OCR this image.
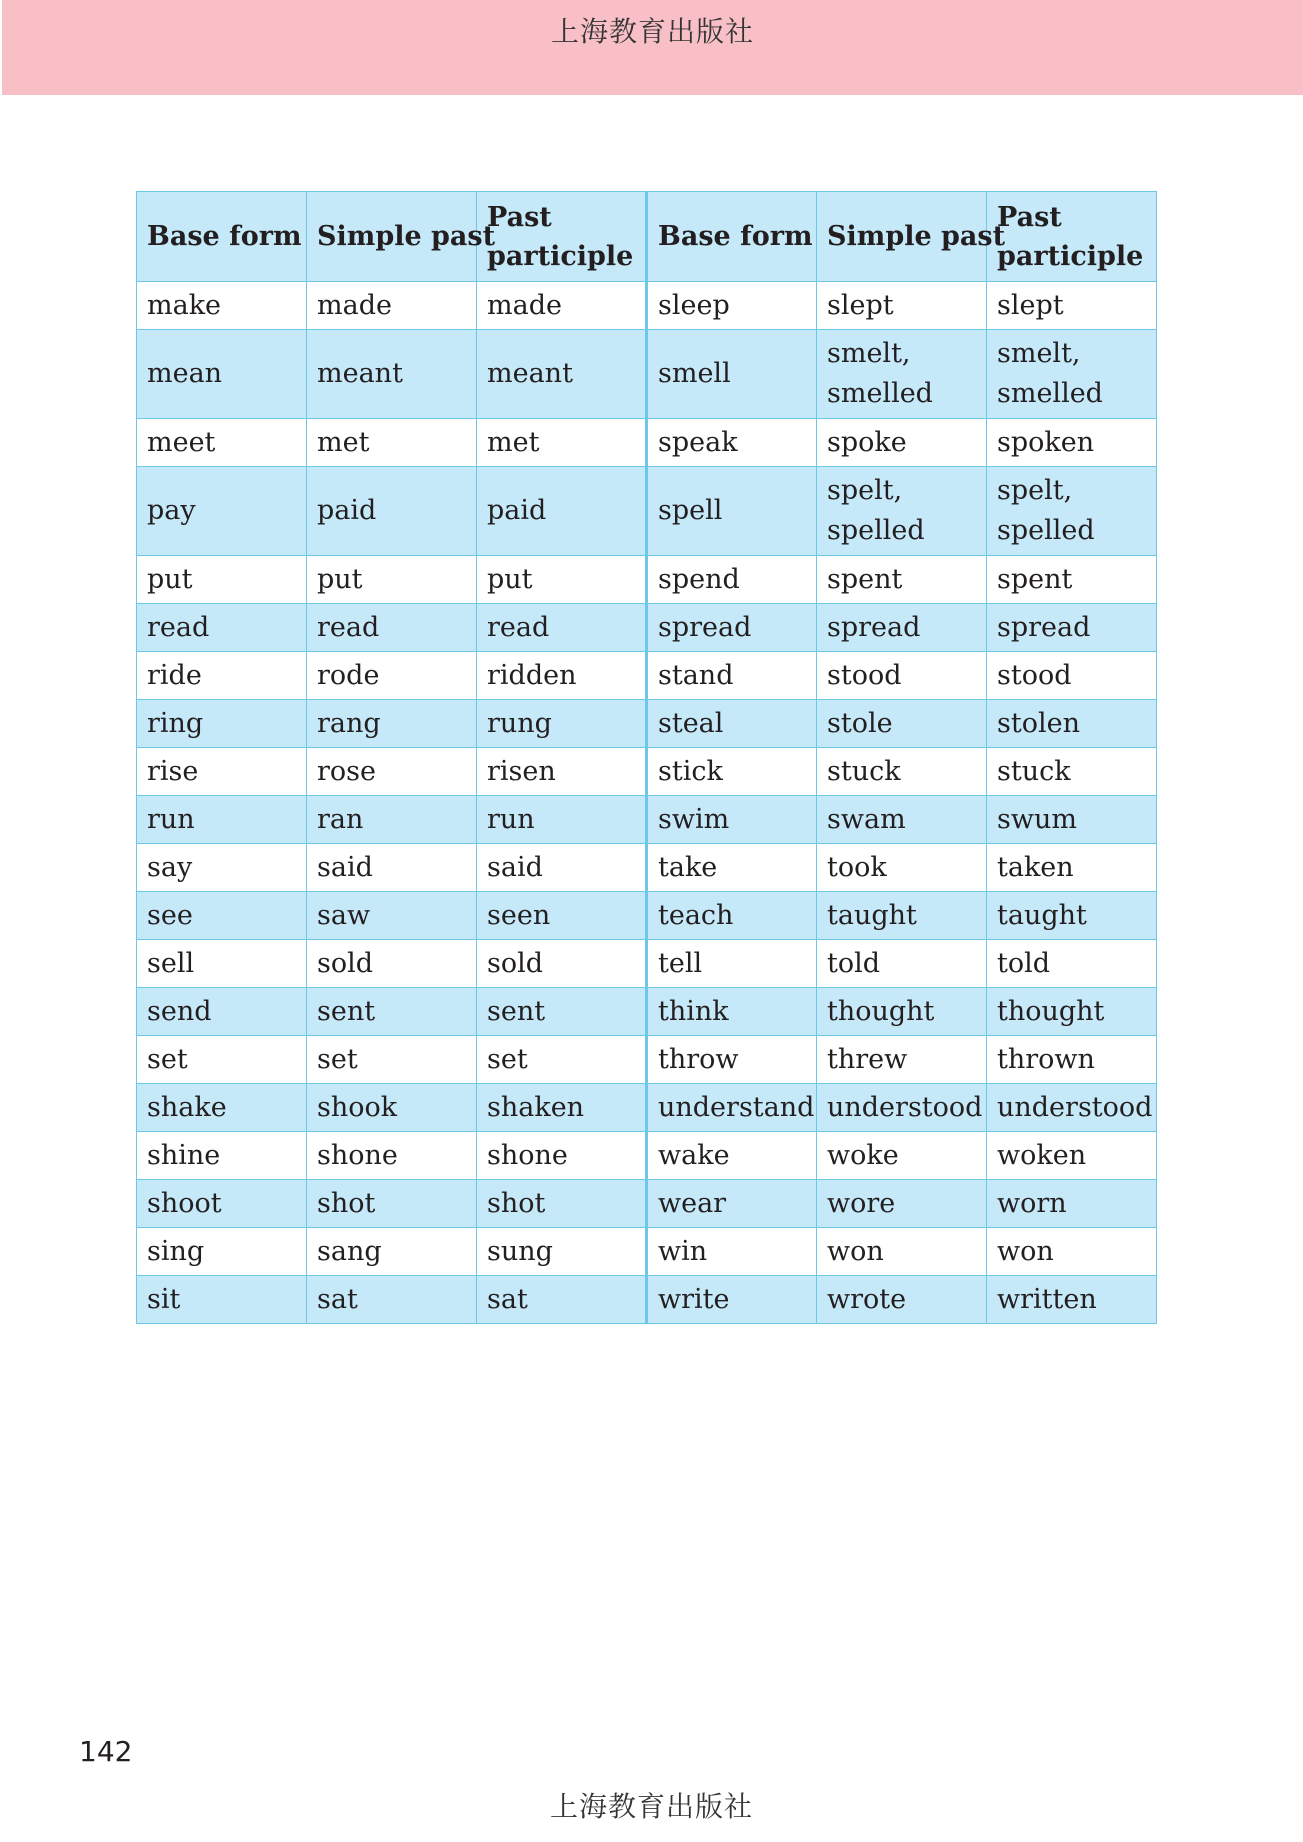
上海教育出版社
Base form	Simple past	Past participle	Base form	Simple past	Past participle
make	made	made	sleep	slept	slept
mean	meant	meant	smell	smelt, smelled	smelt, smelled
meet	met	met	speak	spoke	spoken
pay	paid	paid	spell	spelt, spelled	spelt, spelled
put	put	put	spend	spent	spent
read	read	read	spread	spread	spread
ride	rode	ridden	stand	stood	stood
ring	rang	rung	steal	stole	stolen
rise	rose	risen	stick	stuck	stuck
run	ran	run	swim	swam	swum
say	said	said	take	took	taken
see	saw	seen	teach	taught	taught
sell	sold	sold	tell	told	told
send	sent	sent	think	thought	thought
set	set	set	throw	threw	thrown
shake	shook	shaken	understand	understood	understood
shine	shone	shone	wake	woke	woken
shoot	shot	shot	wear	wore	worn
sing	sang	sung	win	won	won
sit	sat	sat	write	wrote	written
142
上海教育出版社
